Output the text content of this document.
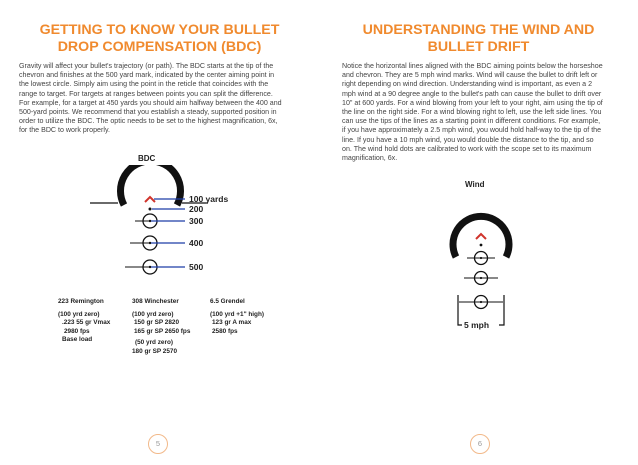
GETTING TO KNOW YOUR BULLET
DROP COMPENSATION (BDC)
Gravity will affect your bullet's trajectory (or path). The BDC starts at the tip of the
chevron and finishes at the 500 yard mark, indicated by the center aiming point in
the lowest circle. Simply aim using the point in the reticle that coincides with the
range to target. For targets at ranges between points you can split the difference.
For example, for a target at 450 yards you should aim halfway between the 400 and
500-yard points. We recommend that you establish a steady, supported position in
order to utilize the BDC. The optic needs to be set to the highest magnification, 6x,
for the BDC to work properly.
BDC
100 yards
200
300
400
500
223 Remington
(100 yrd zero)
.223 55 gr Vmax
2980 fps
Base load
308 Winchester
(100 yrd zero)
150 gr SP 2820
165 gr SP 2650 fps
(50 yrd zero)
180 gr SP 2570
6.5 Grendel
(100 yrd +1" high)
123 gr A max
2580 fps
5
UNDERSTANDING THE WIND AND
BULLET DRIFT
Notice the horizontal lines aligned with the BDC aiming points below the horseshoe
and chevron. They are 5 mph wind marks. Wind will cause the bullet to drift left or
right depending on wind direction. Understanding wind is important, as even a 2
mph wind at a 90 degree angle to the bullet's path can cause the bullet to drift over
10" at 600 yards. For a wind blowing from your left to your right, aim using the tip of
the line on the right side. For a wind blowing right to left, use the left side lines. You
can use the tips of the lines as a starting point in different conditions. For example,
if you have approximately a 2.5 mph wind, you would hold half-way to the tip of the
line. If you have a 10 mph wind, you would double the distance to the tip, and so
on. The wind hold dots are calibrated to work with the scope set to its maximum
magnification, 6x.
Wind
5 mph
6
